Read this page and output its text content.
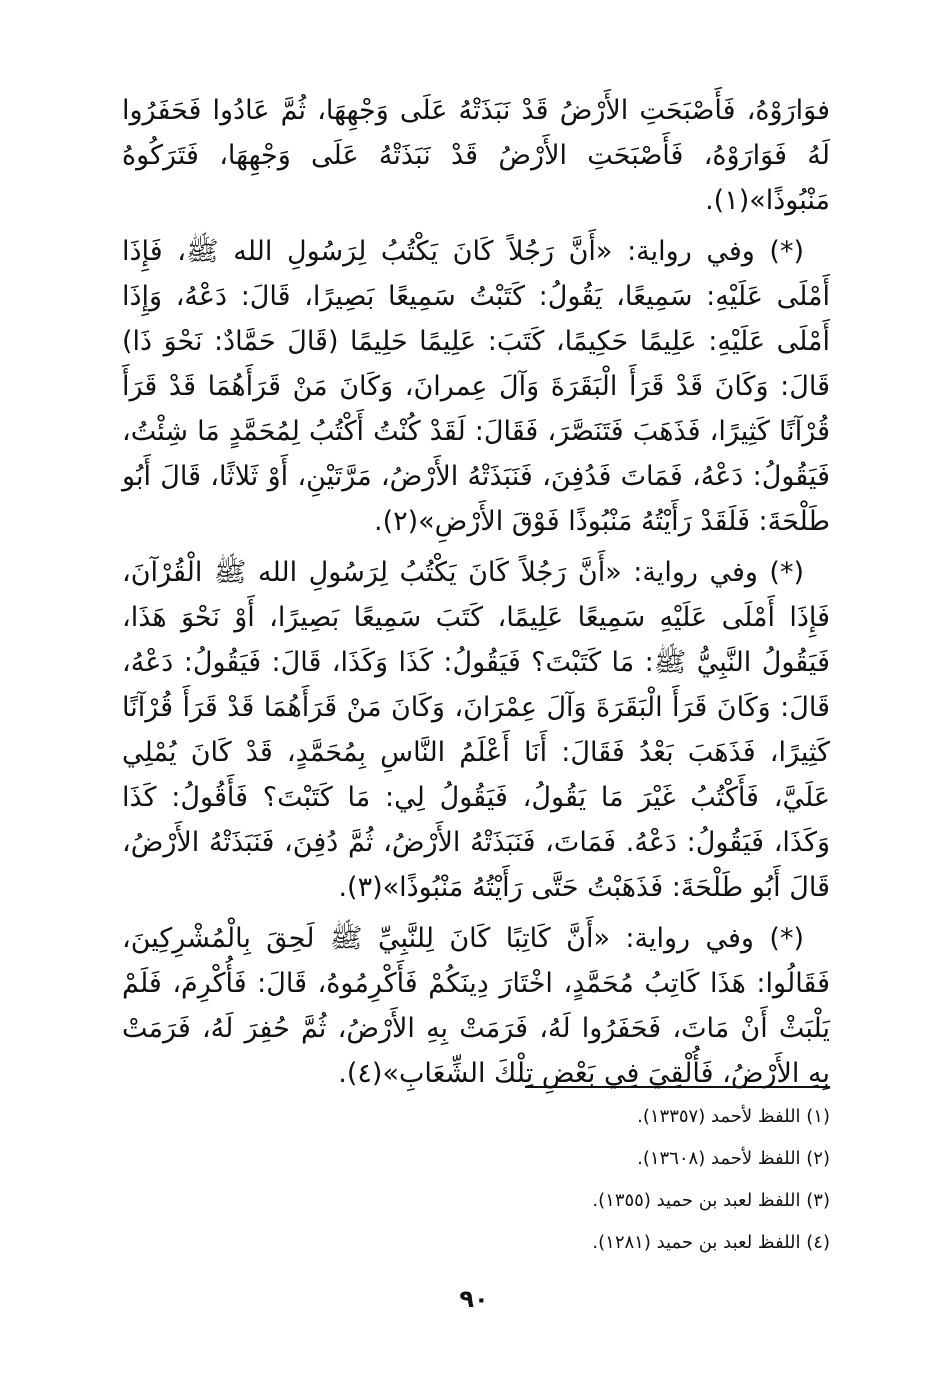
فوَارَوْهُ، فَأَصْبَحَتِ الأَرْضُ قَدْ نَبَذَتْهُ عَلَى وَجْهِهَا، ثُمَّ عَادُوا فَحَفَرُوا لَهُ فَوَارَوْهُ، فَأَصْبَحَتِ الأَرْضُ قَدْ نَبَذَتْهُ عَلَى وَجْهِهَا، فَتَرَكُوهُ مَنْبُوذًا»(١).

(*) وفي رواية: «أَنَّ رَجُلاً كَانَ يَكْتُبُ لِرَسُولِ الله ﷺ، فَإِذَا أَمْلَى عَلَيْهِ: سَمِيعًا، يَقُولُ: كَتَبْتُ سَمِيعًا بَصِيرًا، قَالَ: دَعْهُ، وَإِذَا أَمْلَى عَلَيْهِ: عَلِيمًا حَكِيمًا، كَتَبَ: عَلِيمًا حَلِيمًا (قَالَ حَمَّادٌ: نَحْوَ ذَا) قَالَ: وَكَانَ قَدْ قَرَأَ الْبَقَرَةَ وَآلَ عِمرانَ، وَكَانَ مَنْ قَرَأَهُمَا قَدْ قَرَأَ قُرْآنًا كَثِيرًا، فَذَهَبَ فَتَنَصَّرَ، فَقَالَ: لَقَدْ كُنْتُ أَكْتُبُ لِمُحَمَّدٍ مَا شِئْتُ، فَيَقُولُ: دَعْهُ، فَمَاتَ فَدُفِنَ، فَنَبَذَتْهُ الأَرْضُ، مَرَّتَيْنِ، أَوْ ثَلاثًا، قَالَ أَبُو طَلْحَةَ: فَلَقَدْ رَأَيْتُهُ مَنْبُوذًا فَوْقَ الأَرْضِ»(٢).

(*) وفي رواية: «أَنَّ رَجُلاً كَانَ يَكْتُبُ لِرَسُولِ الله ﷺ الْقُرْآنَ، فَإِذَا أَمْلَى عَلَيْهِ سَمِيعًا عَلِيمًا، كَتَبَ سَمِيعًا بَصِيرًا، أَوْ نَحْوَ هَذَا، فَيَقُولُ النَّبِيُّ ﷺ: مَا كَتَبْتَ؟ فَيَقُولُ: كَذَا وَكَذَا، قَالَ: فَيَقُولُ: دَعْهُ، قَالَ: وَكَانَ قَرَأَ الْبَقَرَةَ وَآلَ عِمْرَانَ، وَكَانَ مَنْ قَرَأَهُمَا قَدْ قَرَأَ قُرْآنًا كَثِيرًا، فَذَهَبَ بَعْدُ فَقَالَ: أَنَا أَعْلَمُ النَّاسِ بِمُحَمَّدٍ، قَدْ كَانَ يُمْلِي عَلَيَّ، فَأَكْتُبُ غَيْرَ مَا يَقُولُ، فَيَقُولُ لِي: مَا كَتَبْتَ؟ فَأَقُولُ: كَذَا وَكَذَا، فَيَقُولُ: دَعْهُ. فَمَاتَ، فَنَبَذَتْهُ الأَرْضُ، ثُمَّ دُفِنَ، فَنَبَذَتْهُ الأَرْضُ، قَالَ أَبُو طَلْحَةَ: فَذَهَبْتُ حَتَّى رَأَيْتُهُ مَنْبُوذًا»(٣).

(*) وفي رواية: «أَنَّ كَاتِبًا كَانَ لِلنَّبِيِّ ﷺ لَحِقَ بِالْمُشْرِكِينَ، فَقَالُوا: هَذَا كَاتِبُ مُحَمَّدٍ، اخْتَارَ دِينَكُمْ فَأَكْرِمُوهُ، قَالَ: فَأُكْرِمَ، فَلَمْ يَلْبَثْ أَنْ مَاتَ، فَحَفَرُوا لَهُ، فَرَمَتْ بِهِ الأَرْضُ، ثُمَّ حُفِرَ لَهُ، فَرَمَتْ بِهِ الأَرْضُ، فَأُلْقِيَ فِي بَعْضِ تِلْكَ الشِّعَابِ»(٤).

(١) اللفظ لأحمد (١٣٣٥٧).
(٢) اللفظ لأحمد (١٣٦٠٨).
(٣) اللفظ لعبد بن حميد (١٣٥٥).
(٤) اللفظ لعبد بن حميد (١٢٨١).
٩٠
